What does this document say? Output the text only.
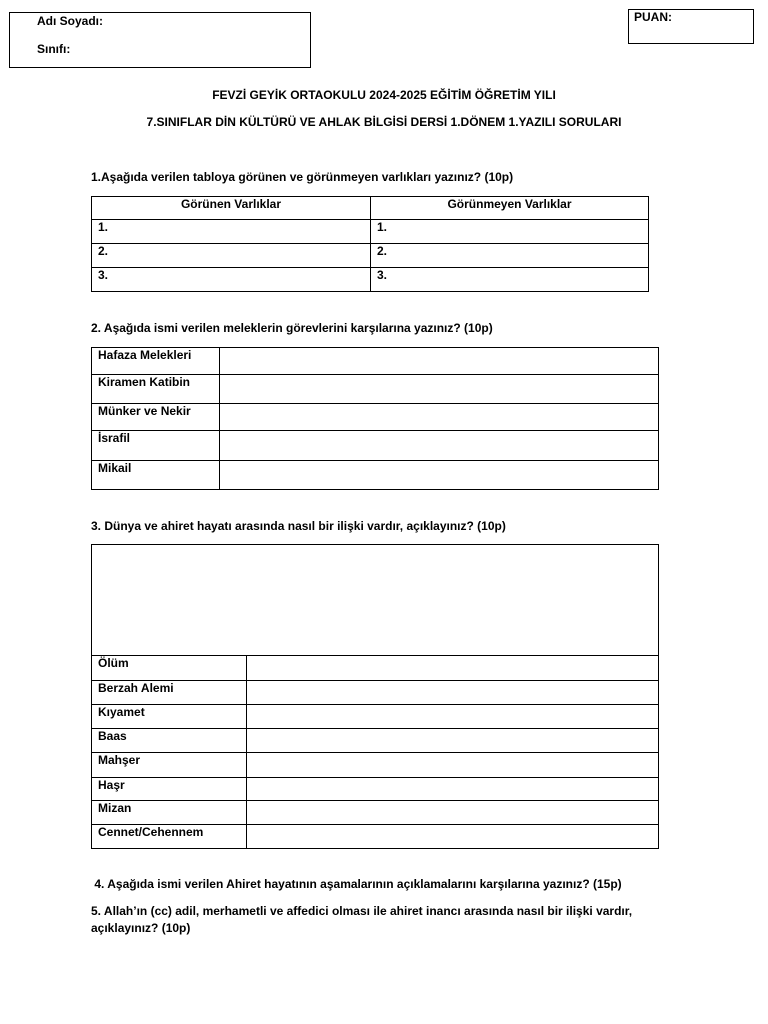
Adı Soyadı:
Sınıfı:
PUAN:
FEVZİ GEYİK ORTAOKULU 2024-2025 EĞİTİM ÖĞRETİM YILI
7.SINIFLAR DİN KÜLTÜRÜ VE AHLAK BİLGİSİ DERSİ 1.DÖNEM 1.YAZILI SORULARI
1.Aşağıda verilen tabloya görünen ve görünmeyen varlıkları yazınız? (10p)
Görünen Varlıklar	Görünmeyen Varlıklar
1.	1.
2.	2.
3.	3.
2. Aşağıda ismi verilen meleklerin görevlerini karşılarına yazınız? (10p)
Hafaza Melekleri	
Kiramen Katibin	
Münker ve Nekir	
İsrafil	
Mikail	
3. Dünya ve ahiret hayatı arasında nasıl bir ilişki vardır, açıklayınız? (10p)
Ölüm	
Berzah Alemi	
Kıyamet	
Baas	
Mahşer	
Haşr	
Mizan	
Cennet/Cehennem	
4. Aşağıda ismi verilen Ahiret hayatının aşamalarının açıklamalarını karşılarına yazınız? (15p)
5. Allah’ın (cc) adil, merhametli ve affedici olması ile ahiret inancı arasında nasıl bir ilişki vardır,
açıklayınız? (10p)
